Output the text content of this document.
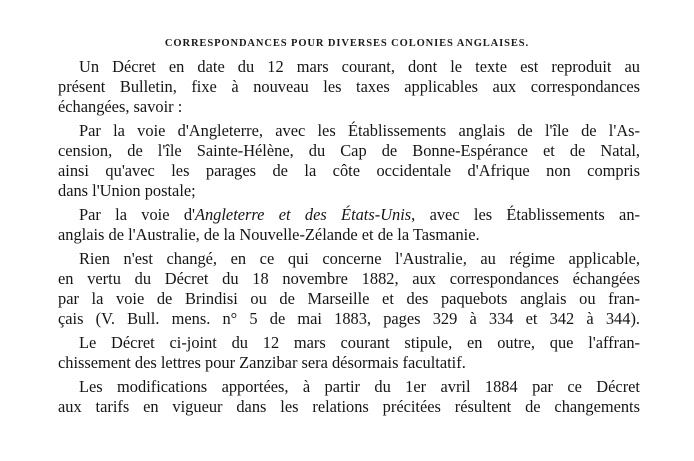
CORRESPONDANCES POUR DIVERSES COLONIES ANGLAISES.
Un Décret en date du 12 mars courant, dont le texte est reproduit au
présent Bulletin, fixe à nouveau les taxes applicables aux correspondances
échangées, savoir :
Par la voie d'Angleterre, avec les Établissements anglais de l'île de l'As-
cension, de l'île Sainte-Hélène, du Cap de Bonne-Espérance et de Natal,
ainsi qu'avec les parages de la côte occidentale d'Afrique non compris
dans l'Union postale;
Par la voie d'Angleterre et des États-Unis, avec les Établissements an-
anglais de l'Australie, de la Nouvelle-Zélande et de la Tasmanie.
Rien n'est changé, en ce qui concerne l'Australie, au régime applicable,
en vertu du Décret du 18 novembre 1882, aux correspondances échangées
par la voie de Brindisi ou de Marseille et des paquebots anglais ou fran-
çais (V. Bull. mens. n° 5 de mai 1883, pages 329 à 334 et 342 à 344).
Le Décret ci-joint du 12 mars courant stipule, en outre, que l'affran-
chissement des lettres pour Zanzibar sera désormais facultatif.
Les modifications apportées, à partir du 1er avril 1884 par ce Décret
aux tarifs en vigueur dans les relations précitées résultent de changements
